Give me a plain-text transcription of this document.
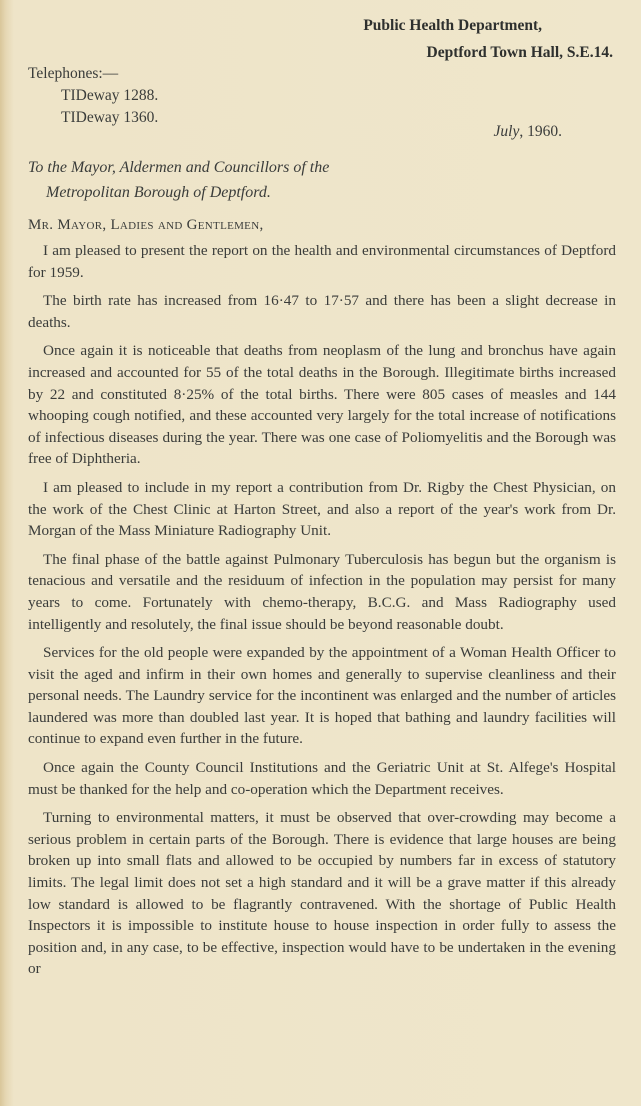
Public Health Department,
Deptford Town Hall, S.E.14.
Telephones:—
TIDeway 1288.
TIDeway 1360.
July, 1960.
To the Mayor, Aldermen and Councillors of the
Metropolitan Borough of Deptford.
Mr. Mayor, Ladies and Gentlemen,

I am pleased to present the report on the health and environmental circumstances of Deptford for 1959.

The birth rate has increased from 16·47 to 17·57 and there has been a slight decrease in deaths.

Once again it is noticeable that deaths from neoplasm of the lung and bronchus have again increased and accounted for 55 of the total deaths in the Borough. Illegitimate births increased by 22 and constituted 8·25% of the total births. There were 805 cases of measles and 144 whooping cough notified, and these accounted very largely for the total increase of notifications of infectious diseases during the year. There was one case of Poliomyelitis and the Borough was free of Diphtheria.

I am pleased to include in my report a contribution from Dr. Rigby the Chest Physician, on the work of the Chest Clinic at Harton Street, and also a report of the year's work from Dr. Morgan of the Mass Miniature Radiography Unit.

The final phase of the battle against Pulmonary Tuberculosis has begun but the organism is tenacious and versatile and the residuum of infection in the population may persist for many years to come. Fortunately with chemo-therapy, B.C.G. and Mass Radiography used intelligently and resolutely, the final issue should be beyond reasonable doubt.

Services for the old people were expanded by the appointment of a Woman Health Officer to visit the aged and infirm in their own homes and generally to supervise cleanliness and their personal needs. The Laundry service for the incontinent was enlarged and the number of articles laundered was more than doubled last year. It is hoped that bathing and laundry facilities will continue to expand even further in the future.

Once again the County Council Institutions and the Geriatric Unit at St. Alfege's Hospital must be thanked for the help and co-operation which the Department receives.

Turning to environmental matters, it must be observed that over-crowding may become a serious problem in certain parts of the Borough. There is evidence that large houses are being broken up into small flats and allowed to be occupied by numbers far in excess of statutory limits. The legal limit does not set a high standard and it will be a grave matter if this already low standard is allowed to be flagrantly contravened. With the shortage of Public Health Inspectors it is impossible to institute house to house inspection in order fully to assess the position and, in any case, to be effective, inspection would have to be undertaken in the evening or
